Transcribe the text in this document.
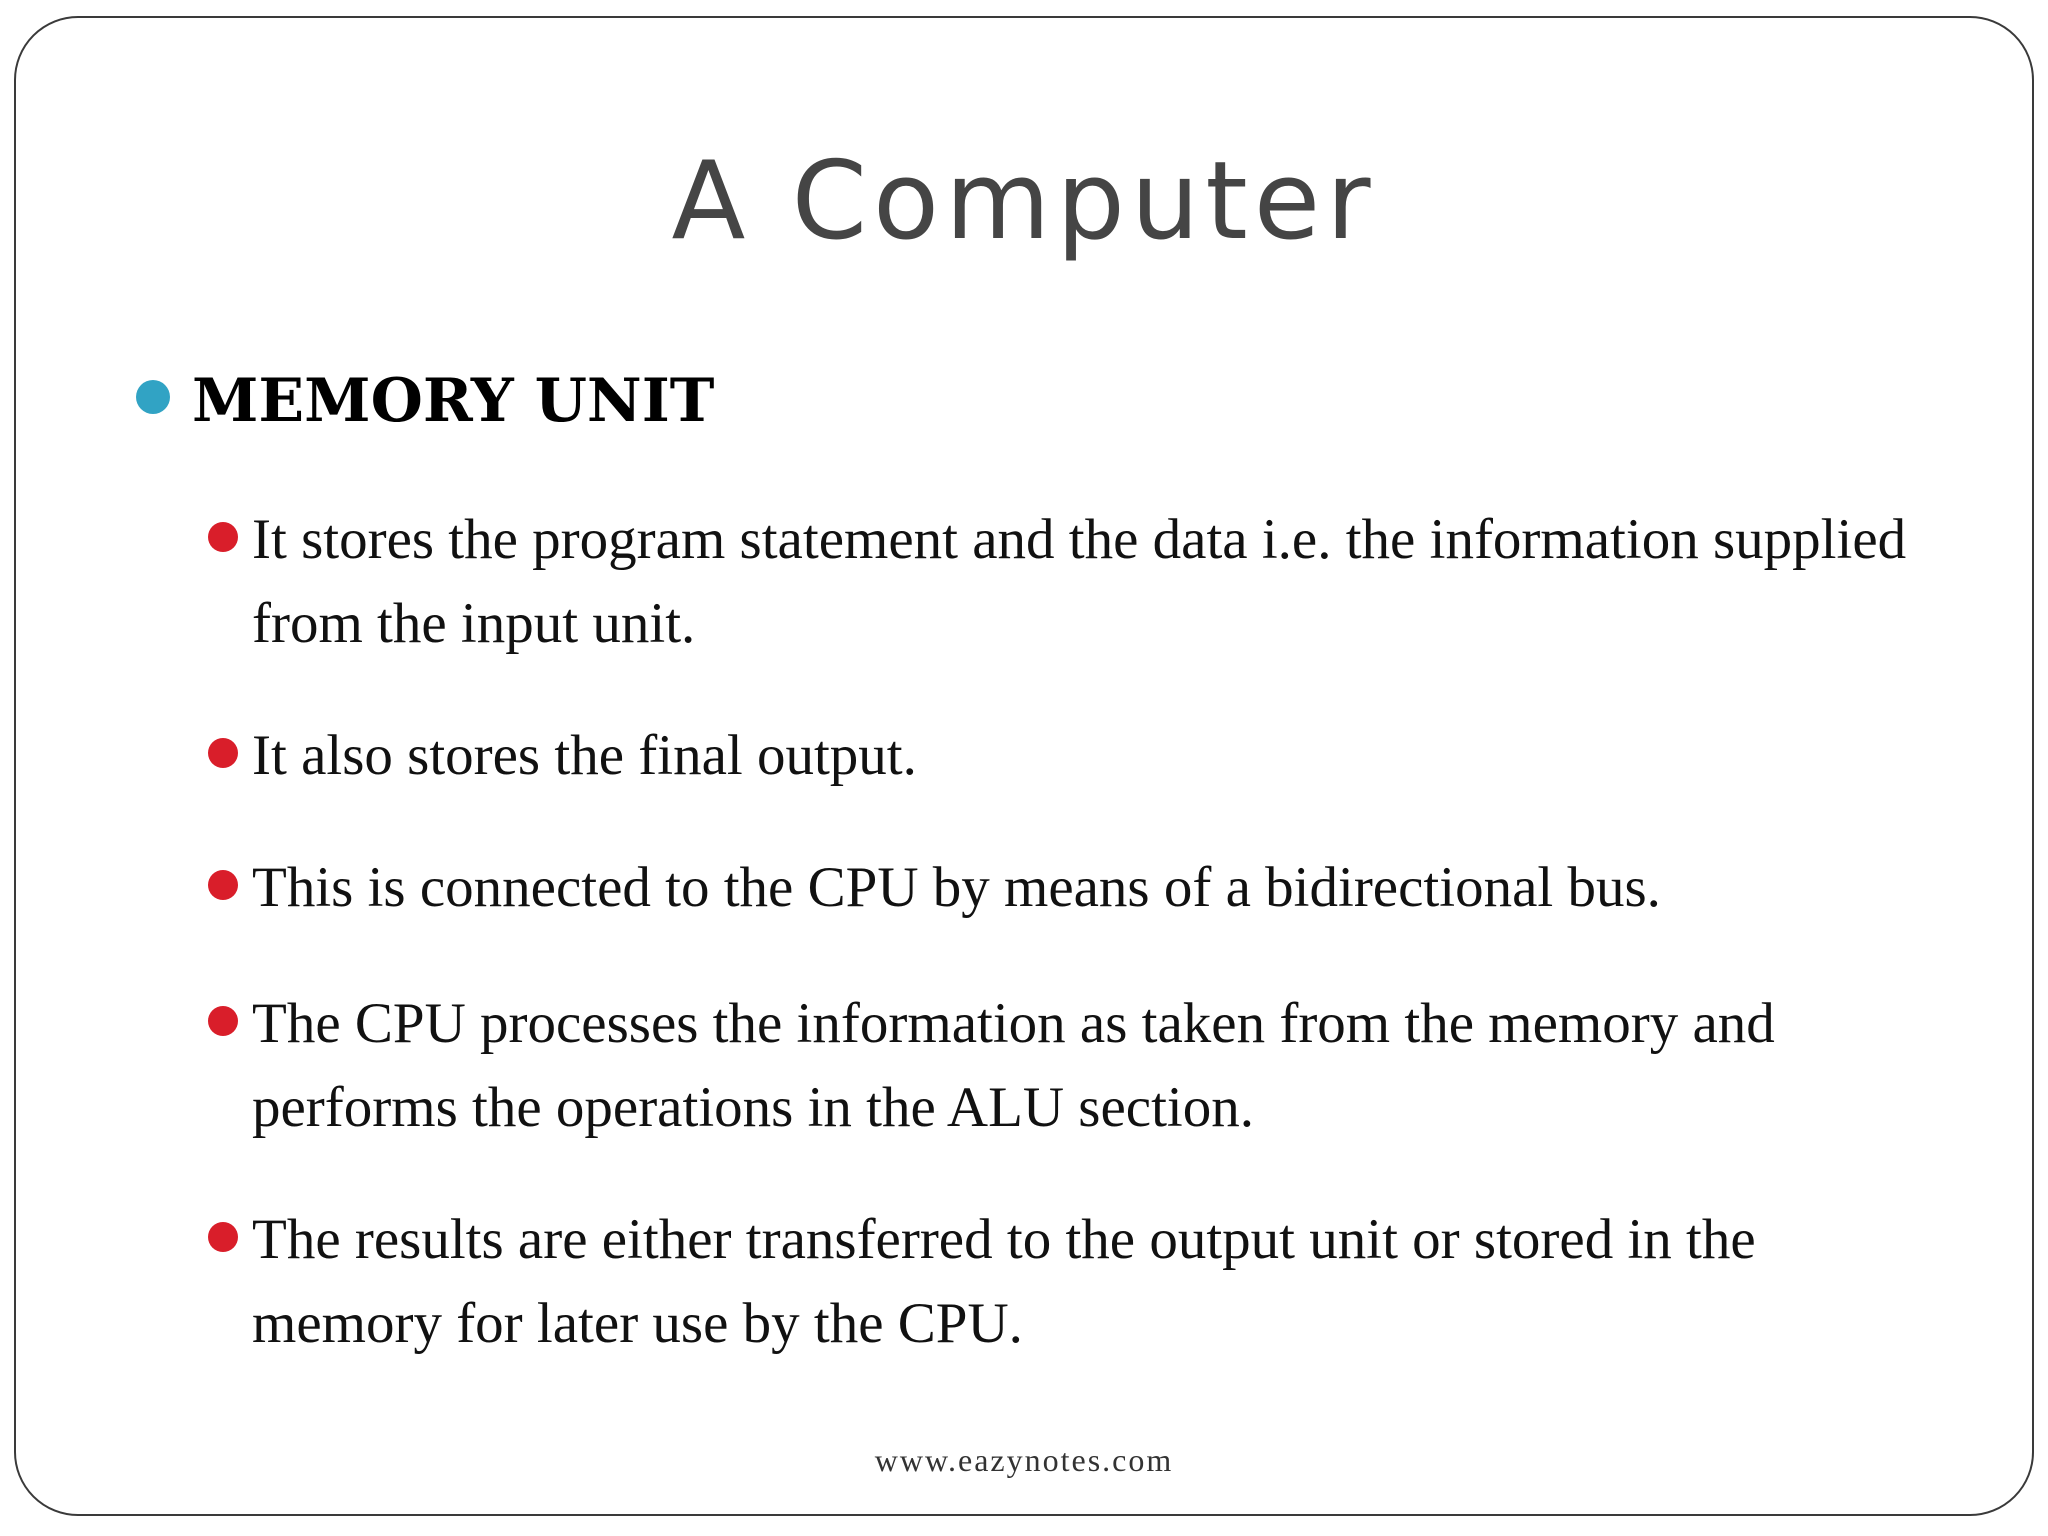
A Computer
MEMORY UNIT
It stores the program statement and the data i.e. the information supplied from the input unit.
It also stores the final output.
This is connected to the CPU by means of a bidirectional bus.
The CPU processes the information as taken from the memory and performs the operations in the ALU section.
The results are either transferred to the output unit or stored in the memory for later use by the CPU.
www.eazynotes.com
